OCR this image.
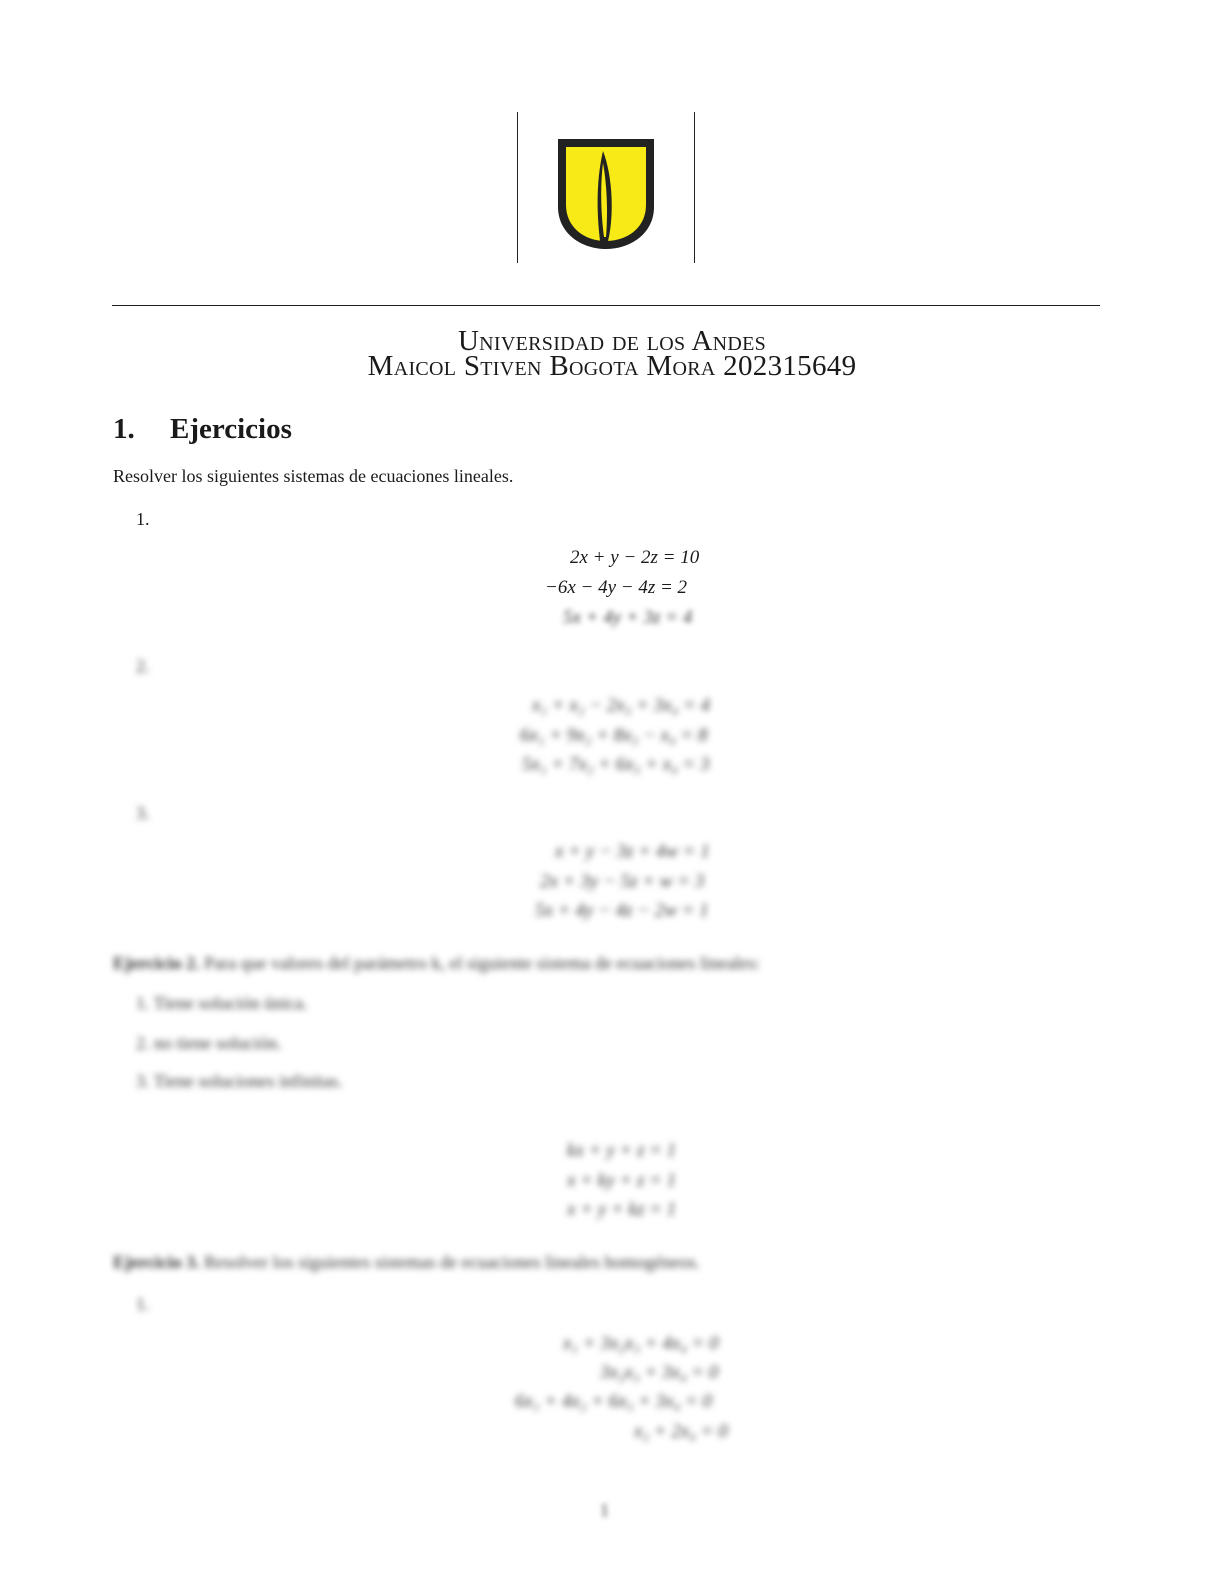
Universidad de los Andes
Maicol Stiven Bogota Mora 202315649
1. Ejercicios
Resolver los siguientes sistemas de ecuaciones lineales.
1.
2x + y − 2z = 10
−6x − 4y − 4z = 2
5x + 4y + 3z = 4
2.
x₁ + x₂ − 2x₃ + 3x₄ = 4
6x₁ + 9x₂ + 8x₃ − x₄ = 8
5x₁ + 7x₂ + 6x₃ + x₄ = 3
3.
x + y − 3z + 4w = 1
2x + 3y − 5z + w = 3
5x + 4y − 4z − 2w = 1
Ejercicio 2. Para que valores del parámetro k, el siguiente sistema de ecuaciones lineales:
1. Tiene solución única.
2. no tiene solución.
3. Tiene soluciones infinitas.
kx + y + z = 1
x + ky + z = 1
x + y + kz = 1
Ejercicio 3. Resolver los siguientes sistemas de ecuaciones lineales homogéneos.
1.
x₁ + 3x₂x₃ + 4x₄ = 0
3x₂x₃ + 3x₄ = 0
6x₁ + 4x₂ + 6x₃ + 3x₄ = 0
x₂ + 2x₄ = 0
1
